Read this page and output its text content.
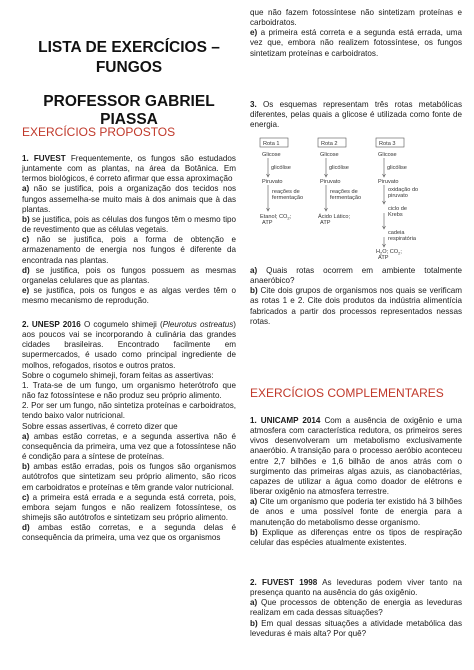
LISTA DE EXERCÍCIOS –
FUNGOS
PROFESSOR GABRIEL PIASSA
EXERCÍCIOS PROPOSTOS
1. FUVEST Frequentemente, os fungos são estudados juntamente com as plantas, na área da Botânica. Em termos biológicos, é correto afirmar que essa aproximação
a) não se justifica, pois a organização dos tecidos nos fungos assemelha-se muito mais à dos animais que à das plantas.
b) se justifica, pois as células dos fungos têm o mesmo tipo de revestimento que as células vegetais.
c) não se justifica, pois a forma de obtenção e armazenamento de energia nos fungos é diferente da encontrada nas plantas.
d) se justifica, pois os fungos possuem as mesmas organelas celulares que as plantas.
e) se justifica, pois os fungos e as algas verdes têm o mesmo mecanismo de reprodução.
2. UNESP 2016 O cogumelo shimeji (Pleurotus ostreatus) aos poucos vai se incorporando à culinária das grandes cidades brasileiras. Encontrado facilmente em supermercados, é usado como principal ingrediente de molhos, refogados, risotos e outros pratos.
Sobre o cogumelo shimeji, foram feitas as assertivas:
1. Trata-se de um fungo, um organismo heterótrofo que não faz fotossíntese e não produz seu próprio alimento.
2. Por ser um fungo, não sintetiza proteínas e carboidratos, tendo baixo valor nutricional.
Sobre essas assertivas, é correto dizer que
a) ambas estão corretas, e a segunda assertiva não é consequência da primeira, uma vez que a fotossíntese não é condição para a síntese de proteínas.
b) ambas estão erradas, pois os fungos são organismos autótrofos que sintetizam seu próprio alimento, são ricos em carboidratos e proteínas e têm grande valor nutricional.
c) a primeira está errada e a segunda está correta, pois, embora sejam fungos e não realizem fotossíntese, os shimejis são autótrofos e sintetizam seu próprio alimento.
d) ambas estão corretas, e a segunda delas é consequência da primeira, uma vez que os organismos
que não fazem fotossíntese não sintetizam proteínas e carboidratos.
e) a primeira está correta e a segunda está errada, uma vez que, embora não realizem fotossíntese, os fungos sintetizam proteínas e carboidratos.
3. Os esquemas representam três rotas metabólicas diferentes, pelas quais a glicose é utilizada como fonte de energia.
Rota 1	Rota 2	Rota 3
Glicose	Glicose	Glicose
glicólise	glicólise	glicólise
Piruvato	Piruvato	Piruvato
reações de
fermentação
reações de
fermentação
oxidação do
piruvato
ciclo de
Krebs
cadeia
respiratória
Etanol; $CO_2$;
ATP
Ácido Lático;
ATP
$H_2O$; $CO_2$;
ATP
a) Quais rotas ocorrem em ambiente totalmente anaeróbico?
b) Cite dois grupos de organismos nos quais se verificam as rotas 1 e 2. Cite dois produtos da indústria alimentícia fabricados a partir dos processos representados nessas rotas.
EXERCÍCIOS COMPLEMENTARES
1. UNICAMP 2014 Com a ausência de oxigênio e uma atmosfera com característica redutora, os primeiros seres vivos desenvolveram um metabolismo exclusivamente anaeróbio. A transição para o processo aeróbio aconteceu entre 2,7 bilhões e 1,6 bilhão de anos atrás com o surgimento das primeiras algas azuis, as cianobactérias, capazes de utilizar a água como doador de elétrons e liberar oxigênio na atmosfera terrestre.
a) Cite um organismo que poderia ter existido há 3 bilhões de anos e uma possível fonte de energia para a manutenção do metabolismo desse organismo.
b) Explique as diferenças entre os tipos de respiração celular das espécies atualmente existentes.
2. FUVEST 1998 As leveduras podem viver tanto na presença quanto na ausência do gás oxigênio.
a) Que processos de obtenção de energia as leveduras realizam em cada dessas situações?
b) Em qual dessas situações a atividade metabólica das leveduras é mais alta? Por quê?
